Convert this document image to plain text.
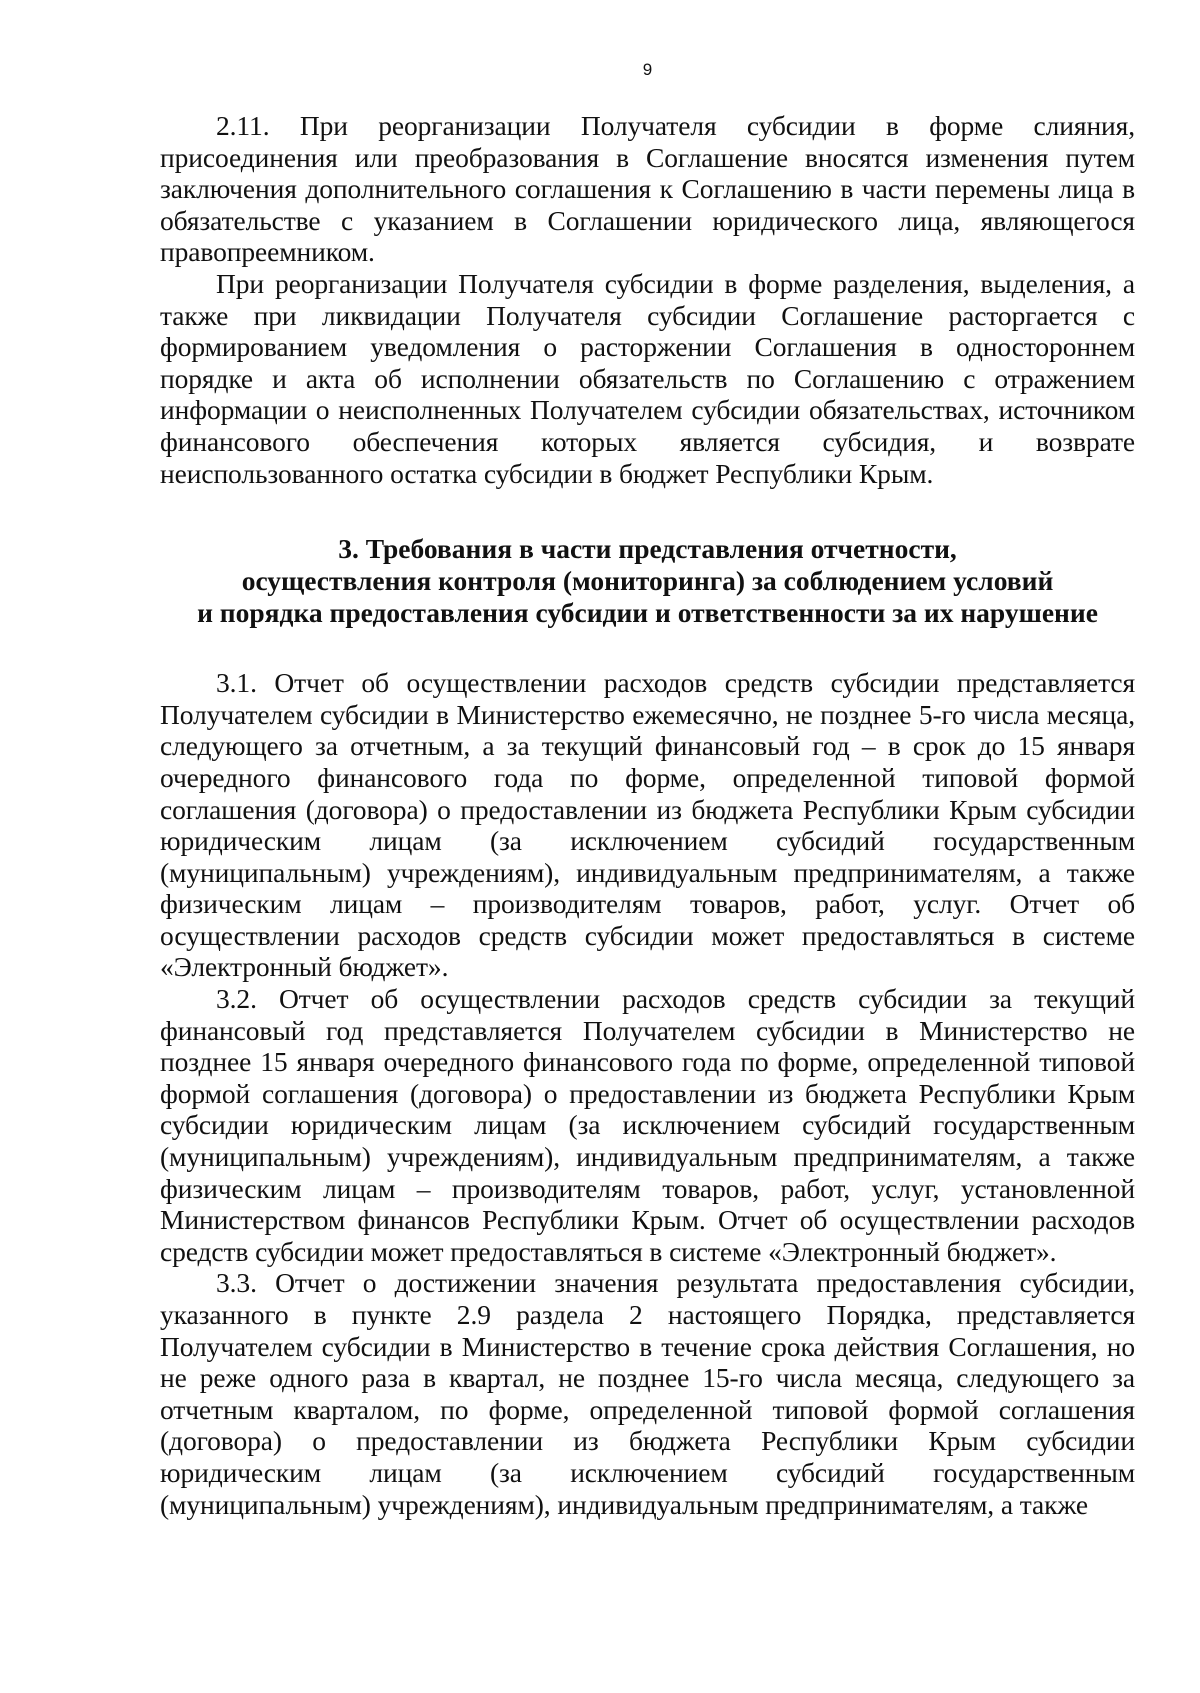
9

2.11. При реорганизации Получателя субсидии в форме слияния, присоединения или преобразования в Соглашение вносятся изменения путем заключения дополнительного соглашения к Соглашению в части перемены лица в обязательстве с указанием в Соглашении юридического лица, являющегося правопреемником.

При реорганизации Получателя субсидии в форме разделения, выделения, а также при ликвидации Получателя субсидии Соглашение расторгается с формированием уведомления о расторжении Соглашения в одностороннем порядке и акта об исполнении обязательств по Соглашению с отражением информации о неисполненных Получателем субсидии обязательствах, источником финансового обеспечения которых является субсидия, и возврате неиспользованного остатка субсидии в бюджет Республики Крым.

3. Требования в части представления отчетности,
осуществления контроля (мониторинга) за соблюдением условий
и порядка предоставления субсидии и ответственности за их нарушение

3.1. Отчет об осуществлении расходов средств субсидии представляется Получателем субсидии в Министерство ежемесячно, не позднее 5-го числа месяца, следующего за отчетным, а за текущий финансовый год – в срок до 15 января очередного финансового года по форме, определенной типовой формой соглашения (договора) о предоставлении из бюджета Республики Крым субсидии юридическим лицам (за исключением субсидий государственным (муниципальным) учреждениям), индивидуальным предпринимателям, а также физическим лицам – производителям товаров, работ, услуг. Отчет об осуществлении расходов средств субсидии может предоставляться в системе «Электронный бюджет».

3.2. Отчет об осуществлении расходов средств субсидии за текущий финансовый год представляется Получателем субсидии в Министерство не позднее 15 января очередного финансового года по форме, определенной типовой формой соглашения (договора) о предоставлении из бюджета Республики Крым субсидии юридическим лицам (за исключением субсидий государственным (муниципальным) учреждениям), индивидуальным предпринимателям, а также физическим лицам – производителям товаров, работ, услуг, установленной Министерством финансов Республики Крым. Отчет об осуществлении расходов средств субсидии может предоставляться в системе «Электронный бюджет».

3.3. Отчет о достижении значения результата предоставления субсидии, указанного в пункте 2.9 раздела 2 настоящего Порядка, представляется Получателем субсидии в Министерство в течение срока действия Соглашения, но не реже одного раза в квартал, не позднее 15-го числа месяца, следующего за отчетным кварталом, по форме, определенной типовой формой соглашения (договора) о предоставлении из бюджета Республики Крым субсидии юридическим лицам (за исключением субсидий государственным (муниципальным) учреждениям), индивидуальным предпринимателям, а также
